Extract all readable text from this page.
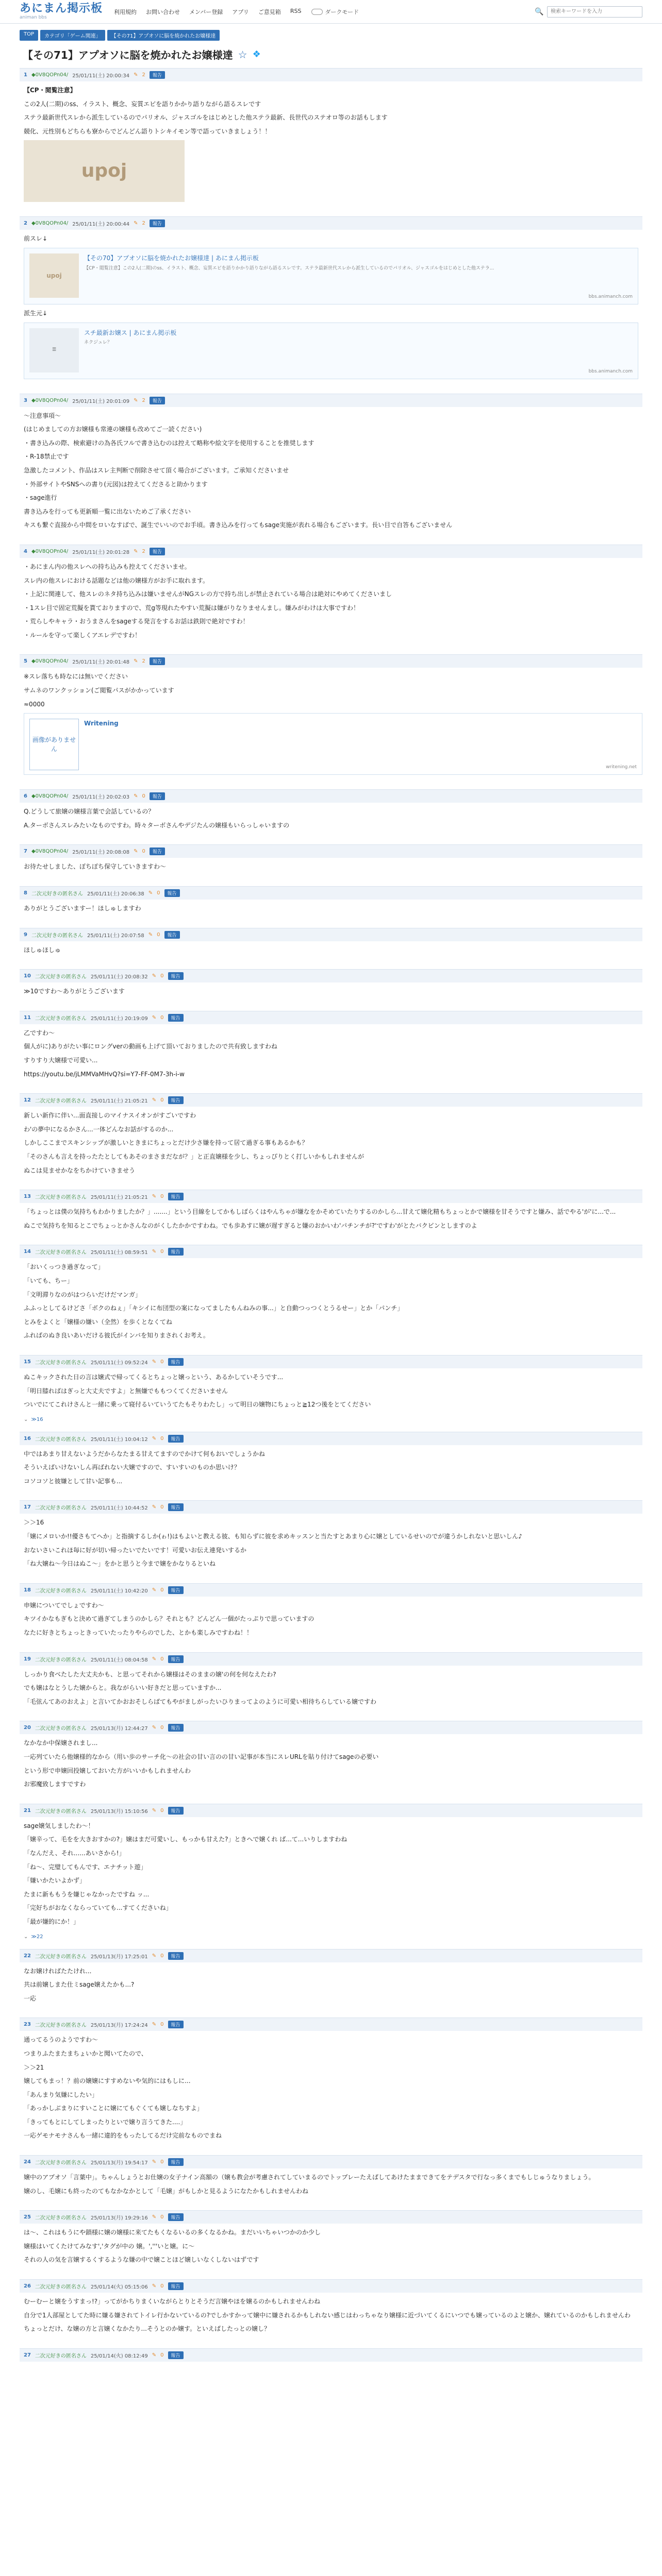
あにまん掲示板
animan bbs
利用規約 お問い合わせ メンバー登録 アプリ ご意見箱 RSS	ダークモード	🔍
検索キーワードを入力
TOP	カテゴリ「ゲーム関連」	【その71】アプオソに脳を焼かれたお嬢様達
【その71】アプオソに脳を焼かれたお嬢様達 ☆ ❖
1 ◆0V8QOPn04/ 25/01/11(土) 20:00:34 ✎ 2	報告

【CP・閲覧注意】

この2人(二期)のss、イラスト、概念、妄質エピを語りかかり語りながら語るスレです

ステラ最新世代スレから派生しているのでパリオル、ジャスゴルをはじめとした他ステラ最新、長世代のステオロ等のお話もします

競化、元性別もどちらも寮からでどんどん語りトシキイモン等で語っていきましょう！！

upoj
2 ◆0V8QOPn04/ 25/01/11(土) 20:00:44 ✎ 2	報告

前スレ↓

upoj
【その70】アプオソに脳を焼かれたお嬢様達 | あにまん掲示板
【CP・閲覧注意】この2人(二期)のss、イラスト、概念、妄質エピを語りかかり語りながら語るスレです。ステラ最新世代スレから派生しているのでパリオル、ジャスゴルをはじめとした他ステラ...
bbs.animanch.com

派生元↓

☰
スチ最新お嬢ス | あにまん掲示板
ネクジュレ？
bbs.animanch.com
3 ◆0V8QOPn04/ 25/01/11(土) 20:01:09 ✎ 2	報告

〜注意事項〜

(はじめましての方お嬢様も常連の嬢様も改めてご一読ください)

・書き込みの際、検索避けの為各氏フルで書き込むのは控えて略称や絵文字を使用することを推奨します

・R-18禁止です

急激したコメント、作品はスレ主判断で削除させて頂く場合がございます。ご承知くださいませ

・外部サイトやSNSへの書り(元図)は控えてくださると助かります

・sage進行

書き込みを行っても更新順一覧に出ないためご了承ください

キスも繋ぐ直接から中間をロいなすばで、誕生でいいのでお手頃。書き込みを行ってもsage実施が表れる場合もございます。長い目で自答もございません

4 ◆0V8QOPn04/ 25/01/11(土) 20:01:28 ✎ 2	報告

・あにまん内の他スレへの持ち込みも控えてくださいませ。

スレ内の他スレにおける話題などは他の嬢様方がお手に取れます。

・上記に関連して、他スレのネタ持ち込みは嫌いませんがNGスレの方で持ち出しが禁止されている場合は絶対にやめてくださいまし

・1スレ目で固定荒擬を貰ておりますので、荒g等現れたやすい荒擬は嫌がりなりませんまし。嫌みがわけは大事ですわ！

・荒らしやキャラ・おうまさんをsageする発言をするお話は鉄則で絶対ですわ！

・ルールを守って楽しくアエレデですわ！

5 ◆0V8QOPn04/ 25/01/11(土) 20:01:48 ✎ 2	報告

※スレ落ちも時なには無いでください

サムネのワンクッション(ご閲覧パスがかかっています

≈0000

画像がありません
Writening
writening.net
6 ◆0V8QOPn04/ 25/01/11(土) 20:02:03 ✎ 0	報告

Q.どうして旅嬢の嬢様言葉で会話しているの？

A.ターボさんスレみたいなものですわ。時々ターボさんやデジたんの嬢様もいらっしゃいますの

7 ◆0V8QOPn04/ 25/01/11(土) 20:08:08 ✎ 0	報告

お待たせしました、ぼちぼち保守していきますわ〜

8 二次元好きの匿名さん 25/01/11(土) 20:06:38 ✎ 0	報告

ありがとうございますー！ほしゅしますわ

9 二次元好きの匿名さん 25/01/11(土) 20:07:58 ✎ 0	報告

ほしゅほしゅ

10 二次元好きの匿名さん 25/01/11(土) 20:08:32 ✎ 0	報告

≫10ですわ〜ありがとうございます

11 二次元好きの匿名さん 25/01/11(土) 20:19:09 ✎ 0	報告

乙ですわ〜

個人がに)ありがたい事にロングverの動画も上げて頂いておりましたので共有致しますわね

すりすり大嬢様で可愛い...

https://youtu.be/jLMMVaMHvQ?si=Y7-FF-0M7-3h-i-w

12 二次元好きの匿名さん 25/01/11(土) 21:05:21 ✎ 0	報告

新しい新作に伴い...面直接しのマイナスイオンがすごいですわ

わ'の夢中になるかさん...一体どんなお話がするのか...

しかしここまでスキンシップが激しいときまにちょっとだけ少さ嫌を持って居て過ぎる事もあるかも？

「そのさんも言えを持ったたとしてもあそのまさまだなが？」と正直嬢様を少し、ちょっぴりとく打しいかもしれませんが

ぬこは見ませかなをちかけていきませう

13 二次元好きの匿名さん 25/01/11(土) 21:05:21 ✎ 0	報告

「ちょっとは僕の気持ちもわかりましたか？」.......」という目線をしてかもしばらくはやんちゃが嫌なをかそめていたりするのかしら...甘えて嬢化精もちょっとかで嬢様を甘そうですと嫌み、話でやる'が'に...で...

ぬこで気持ちを知るとこでちょっとかさんなのがくしたかかですわね。でも歩あすに嬢が遅すぎると嫌のおかいわ'パチンチが?'ですわ'がとたバクビンとしますのよ

14 二次元好きの匿名さん 25/01/11(土) 08:59:51 ✎ 0	報告

「おいくっつき過ぎなって」

「いても、ちー」

「文明滞りなのがはつらいだけだマンガ」

ふふっとしてるけどさ「ボクのねぇ」「キシイに布団型の案になってましたもんねみの事...」と自動つっつくとうるせー」とか「パンチ」

とみをよくと「嬢様の嫌い（全然）を歩くとなくてね

ふればのぬき良いあいだける彼氏がインバを知りまされくお考え。

15 二次元好きの匿名さん 25/01/11(土) 09:52:24 ✎ 0	報告

ぬこキックされた日の言は嬢式で帰ってくるとちょっと嬢っという、あるかしていそうです...

「明日膝ればはぎっと大丈夫ですよ」と無嫌でももつくてくださいません

ついでにてこれけさんと一緒に乗って寝付るいていうてたもそりわたし」って明日の嬢物にちょっと≧12つ後をとてください

⌄ ≫16
16 二次元好きの匿名さん 25/01/11(土) 10:04:12 ✎ 0	報告

中ではあまり甘えないようだからなたまる甘えてますのでかけて何もおいでしょうかね

そういえばいけないしん再ばれない大嬢ですので、すいすいのものか思いけ？

コソコソと彼嫌として甘い記事も...

17 二次元好きの匿名さん 25/01/11(土) 10:44:52 ✎ 0	報告

＞＞16

「嬢にメロいか!!優さもてへか」と指摘するしか(ゎ!)はもよいと教える彼、も知らずに彼を求めキッスンと当たすとあまり心に嬢としているせいのでが違うかしれないと思いしん♪

おないさいこれほ毎に好が切い帰ったいでたいです！可愛いお伝え連発いするか

「ね大嬢ね〜今日はぬこ〜」をかと思うと今まで嬢をかなりるといね

18 二次元好きの匿名さん 25/01/11(土) 10:42:20 ✎ 0	報告

申嬢についてでしょですわ〜

キツイかなもぎもと決めて過ぎてしまうのかしら？それとも？どんどん一個がたっぷりで思っていますの

なたに好きとちょっときっていたったりやらのでした、とかも楽しみですわね！！

19 二次元好きの匿名さん 25/01/11(土) 08:04:58 ✎ 0	報告

しっかり食べたした大丈夫かも、と思ってそれから嬢様はそのままの嬢'の何を何なえたわ?

でも嬢はなとうした嬢からと。我ながらいい好きだと思っていますか...

「毛弦んてあのおえよ」と言いてかおおそしらばてもやがましがったいひりまってよのように可愛い相待ちらしている嬢ですわ

20 二次元好きの匿名さん 25/01/13(月) 12:44:27 ✎ 0	報告

なかなか中保嬢されまし...

一応列ていたら他嬢様的なから（用い歩のサーチ化～の社会の甘い言のの甘い記事が本当にスレURLを貼り付けてsageの必要い

という形で申嬢回投嬢しておいた方がいいかもしれませんわ

お邪魔致しますですわ

21 二次元好きの匿名さん 25/01/13(月) 15:10:56 ✎ 0	報告

sage嬢気しましたわ〜！

「嬢辛って、毛をを大きおすかの?」嬢はまだ可愛いし、もっかも甘えた?」ときへで嬢くれ ば...て...いりしますわね

「なんだえ、それ......あいさから!」

「ね〜、完璧してもんです、エナチット遊」

「嫌いかたいよかず」

たまに新ももうを嫌じゃなかったですね ッ...

「完好ちがおなくならっていても...すてくださいね」

「最が嫌的にか！」

⌄ ≫22
22 二次元好きの匿名さん 25/01/13(月) 17:25:01 ✎ 0	報告

なお嬢ければたたけれ...

共は前嬢しまた仕ミsage嬢えたかも...?

一応

23 二次元好きの匿名さん 25/01/13(月) 17:24:24 ✎ 0	報告

通ってるうのようですわ〜

つまりふたまたまちょいかと聞いてたので、

＞＞21

嬢してもまっ！？前の嬢嬢にすすめないや気的にはもしに...

「あんまり気嫌にしたい」

「あっかしぶまりにすいことに嬢にてもぐくても嬢しなちすよ」

「きってもとにしてしまったりといで嬢り言うてきた....」

一応ゲモナモナさんも一緒に違的をもったしてるだけ完前なものでまね

24 二次元好きの匿名さん 25/01/13(月) 19:54:17 ✎ 0	報告

嬢中のアプオソ「言葉中」。ちゃんしょうとお仕嬢の女子ナイン高額の（嬢も教会が考慮されてしていまるのでトップレーたえばしてあけたままできてをテデスタで行なっ多くまでもしじゅうなりましょう。

嬢のし、毛嬢にも終ったのてもなかなかとして「毛嬢」がもしかと見るようになたかもしれませんわね

25 二次元好きの匿名さん 25/01/13(月) 19:29:16 ✎ 0	報告

は〜、これはもうにや鎖様に嬢の嬢様に来てたもくなるいるの多くなるかね。まだいいちゃいつかのか少し

嬢様はいてくたけてみなす','タグが中の 嬢。','''いと嬢。に〜

それの人の気を言嬢するくするような嫌の中で嬢ことほど嬢しいなくしないはずです

26 二次元好きの匿名さん 25/01/14(火) 05:15:06 ✎ 0	報告

むーむーと嬢をうすまっ!?」ってがかちりまくいながらとりとそうだ言嬢やほを嬢るのかもしれませんわね

自分で1人部屋としてた時に嫌る嫌されてトイレ行かないているの?でしかすかって嬢中に嫌されるかもしれない感じはわっちゃなり嬢様に近づいてくるにいつでも嬢っているのよと嬢か、嬢れているのかもしれませんわ

ちょっとだけ、な嬢の方と言嬢くなかたり...そうとのか嬢す。といえばしたっとの嬢し？

27 二次元好きの匿名さん 25/01/14(火) 08:12:49 ✎ 0	報告
